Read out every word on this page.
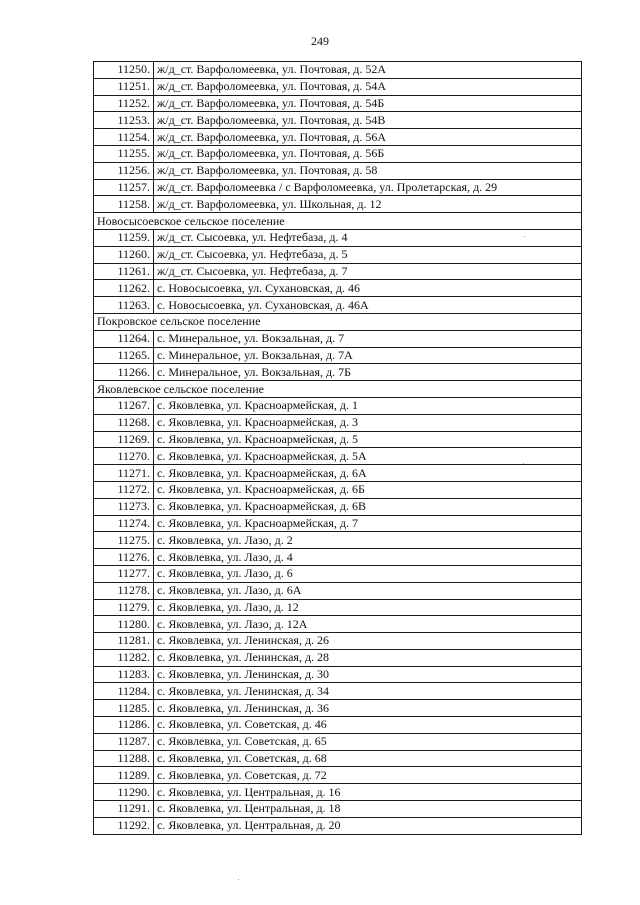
249
11250.	ж/д_ст. Варфоломеевка, ул. Почтовая, д. 52А
11251.	ж/д_ст. Варфоломеевка, ул. Почтовая, д. 54А
11252.	ж/д_ст. Варфоломеевка, ул. Почтовая, д. 54Б
11253.	ж/д_ст. Варфоломеевка, ул. Почтовая, д. 54В
11254.	ж/д_ст. Варфоломеевка, ул. Почтовая, д. 56А
11255.	ж/д_ст. Варфоломеевка, ул. Почтовая, д. 56Б
11256.	ж/д_ст. Варфоломеевка, ул. Почтовая, д. 58
11257.	ж/д_ст. Варфоломеевка / с Варфоломеевка, ул. Пролетарская, д. 29
11258.	ж/д_ст. Варфоломеевка, ул. Школьная, д. 12
Новосысоевское сельское поселение	
11259.	ж/д_ст. Сысоевка, ул. Нефтебаза, д. 4
11260.	ж/д_ст. Сысоевка, ул. Нефтебаза, д. 5
11261.	ж/д_ст. Сысоевка, ул. Нефтебаза, д. 7
11262.	с. Новосысоевка, ул. Сухановская, д. 46
11263.	с. Новосысоевка, ул. Сухановская, д. 46А
Покровское сельское поселение	
11264.	с. Минеральное, ул. Вокзальная, д. 7
11265.	с. Минеральное, ул. Вокзальная, д. 7А
11266.	с. Минеральное, ул. Вокзальная, д. 7Б
Яковлевское сельское поселение	
11267.	с. Яковлевка, ул. Красноармейская, д. 1
11268.	с. Яковлевка, ул. Красноармейская, д. 3
11269.	с. Яковлевка, ул. Красноармейская, д. 5
11270.	с. Яковлевка, ул. Красноармейская, д. 5А
11271.	с. Яковлевка, ул. Красноармейская, д. 6А
11272.	с. Яковлевка, ул. Красноармейская, д. 6Б
11273.	с. Яковлевка, ул. Красноармейская, д. 6В
11274.	с. Яковлевка, ул. Красноармейская, д. 7
11275.	с. Яковлевка, ул. Лазо, д. 2
11276.	с. Яковлевка, ул. Лазо, д. 4
11277.	с. Яковлевка, ул. Лазо, д. 6
11278.	с. Яковлевка, ул. Лазо, д. 6А
11279.	с. Яковлевка, ул. Лазо, д. 12
11280.	с. Яковлевка, ул. Лазо, д. 12А
11281.	с. Яковлевка, ул. Ленинская, д. 26
11282.	с. Яковлевка, ул. Ленинская, д. 28
11283.	с. Яковлевка, ул. Ленинская, д. 30
11284.	с. Яковлевка, ул. Ленинская, д. 34
11285.	с. Яковлевка, ул. Ленинская, д. 36
11286.	с. Яковлевка, ул. Советская, д. 46
11287.	с. Яковлевка, ул. Советская, д. 65
11288.	с. Яковлевка, ул. Советская, д. 68
11289.	с. Яковлевка, ул. Советская, д. 72
11290.	с. Яковлевка, ул. Центральная, д. 16
11291.	с. Яковлевка, ул. Центральная, д. 18
11292.	с. Яковлевка, ул. Центральная, д. 20
